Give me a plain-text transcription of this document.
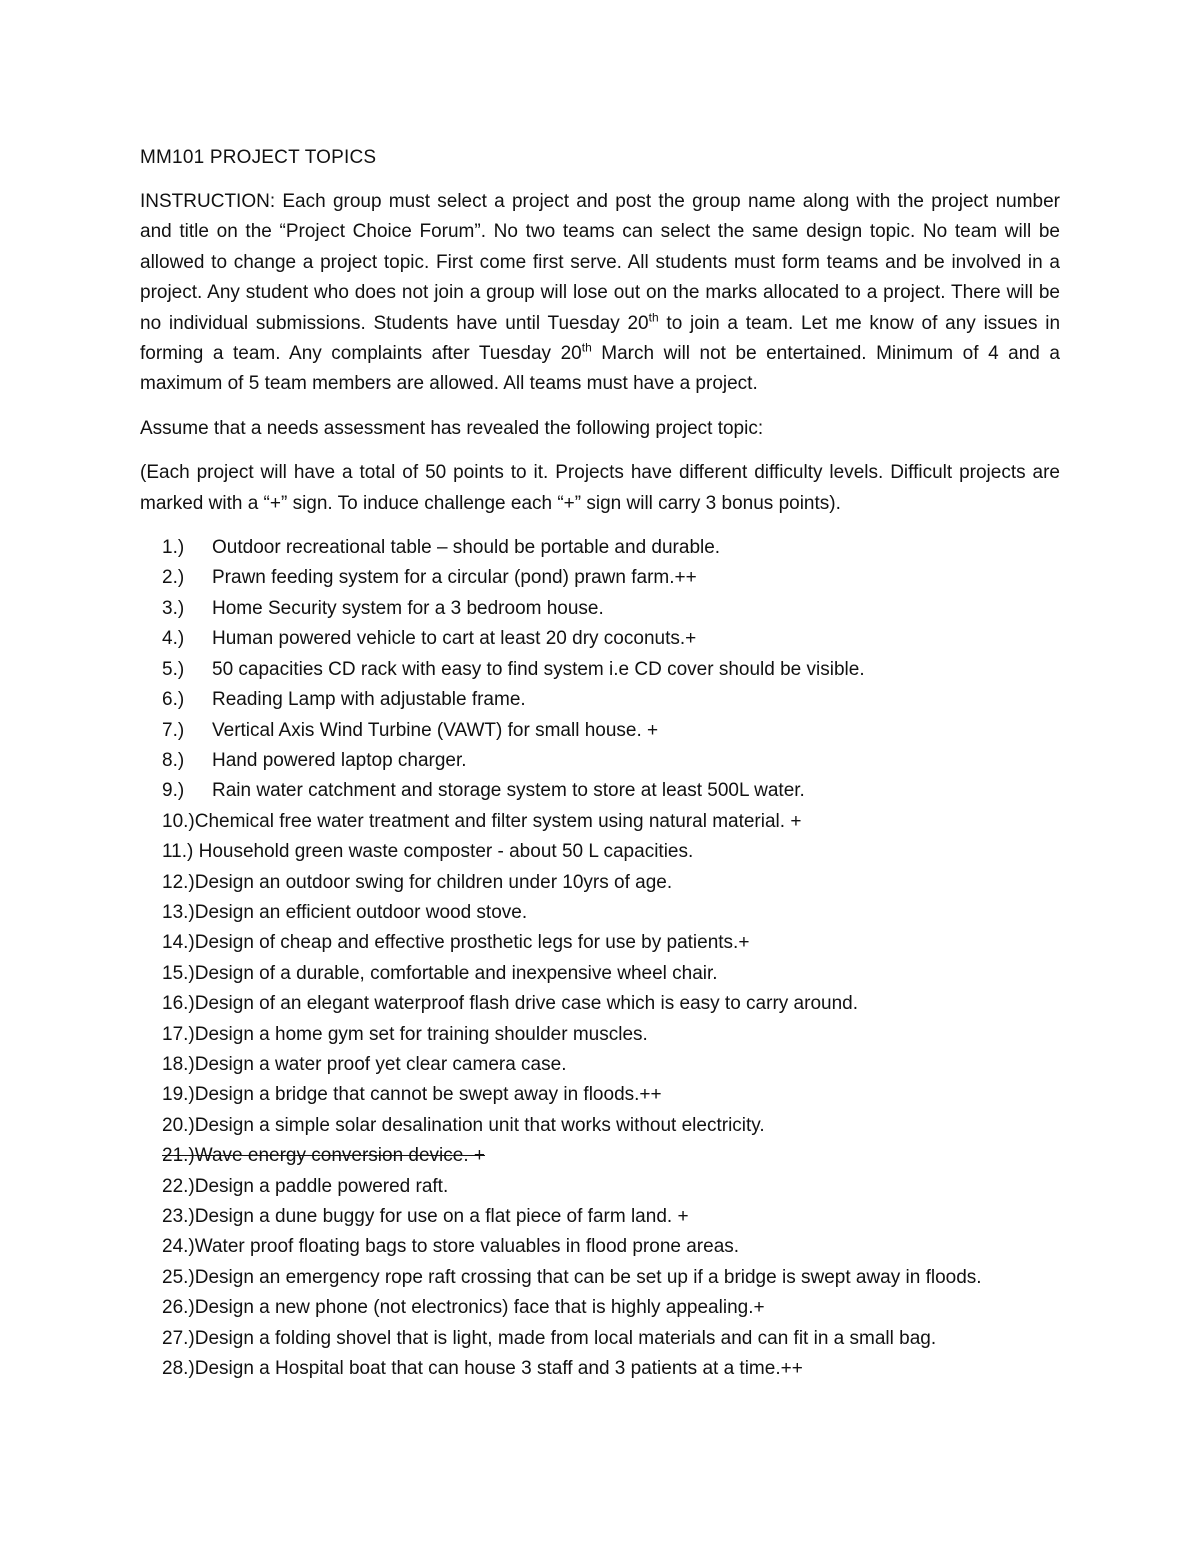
MM101 PROJECT TOPICS
INSTRUCTION: Each group must select a project and post the group name along with the project number and title on the “Project Choice Forum”. No two teams can select the same design topic. No team will be allowed to change a project topic. First come first serve. All students must form teams and be involved in a project. Any student who does not join a group will lose out on the marks allocated to a project. There will be no individual submissions. Students have until Tuesday 20th to join a team. Let me know of any issues in forming a team. Any complaints after Tuesday 20th March will not be entertained. Minimum of 4 and a maximum of 5 team members are allowed. All teams must have a project.
Assume that a needs assessment has revealed the following project topic:
(Each project will have a total of 50 points to it. Projects have different difficulty levels. Difficult projects are marked with a “+” sign. To induce challenge each “+” sign will carry 3 bonus points).
1.)	Outdoor recreational table – should be portable and durable.
2.)	Prawn feeding system for a circular (pond) prawn farm.++
3.)	Home Security system for a 3 bedroom house.
4.)	Human powered vehicle to cart at least 20 dry coconuts.+
5.)	50 capacities CD rack with easy to find system i.e CD cover should be visible.
6.)	Reading Lamp with adjustable frame.
7.)	Vertical Axis Wind Turbine (VAWT) for small house. +
8.)	Hand powered laptop charger.
9.)	Rain water catchment and storage system to store at least 500L water.
10.) Chemical free water treatment and filter system using natural material. +
11.) Household green waste composter - about 50 L capacities.
12.) Design an outdoor swing for children under 10yrs of age.
13.) Design an efficient outdoor wood stove.
14.) Design of cheap and effective prosthetic legs for use by patients.+
15.) Design of a durable, comfortable and inexpensive wheel chair.
16.) Design of an elegant waterproof flash drive case which is easy to carry around.
17.) Design a home gym set for training shoulder muscles.
18.) Design a water proof yet clear camera case.
19.) Design a bridge that cannot be swept away in floods.++
20.) Design a simple solar desalination unit that works without electricity.
21.) Wave energy conversion device. +
22.) Design a paddle powered raft.
23.) Design a dune buggy for use on a flat piece of farm land. +
24.) Water proof floating bags to store valuables in flood prone areas.
25.) Design an emergency rope raft crossing that can be set up if a bridge is swept away in floods.
26.) Design a new phone (not electronics) face that is highly appealing.+
27.) Design a folding shovel that is light, made from local materials and can fit in a small bag.
28.) Design a Hospital boat that can house 3 staff and 3 patients at a time.++
